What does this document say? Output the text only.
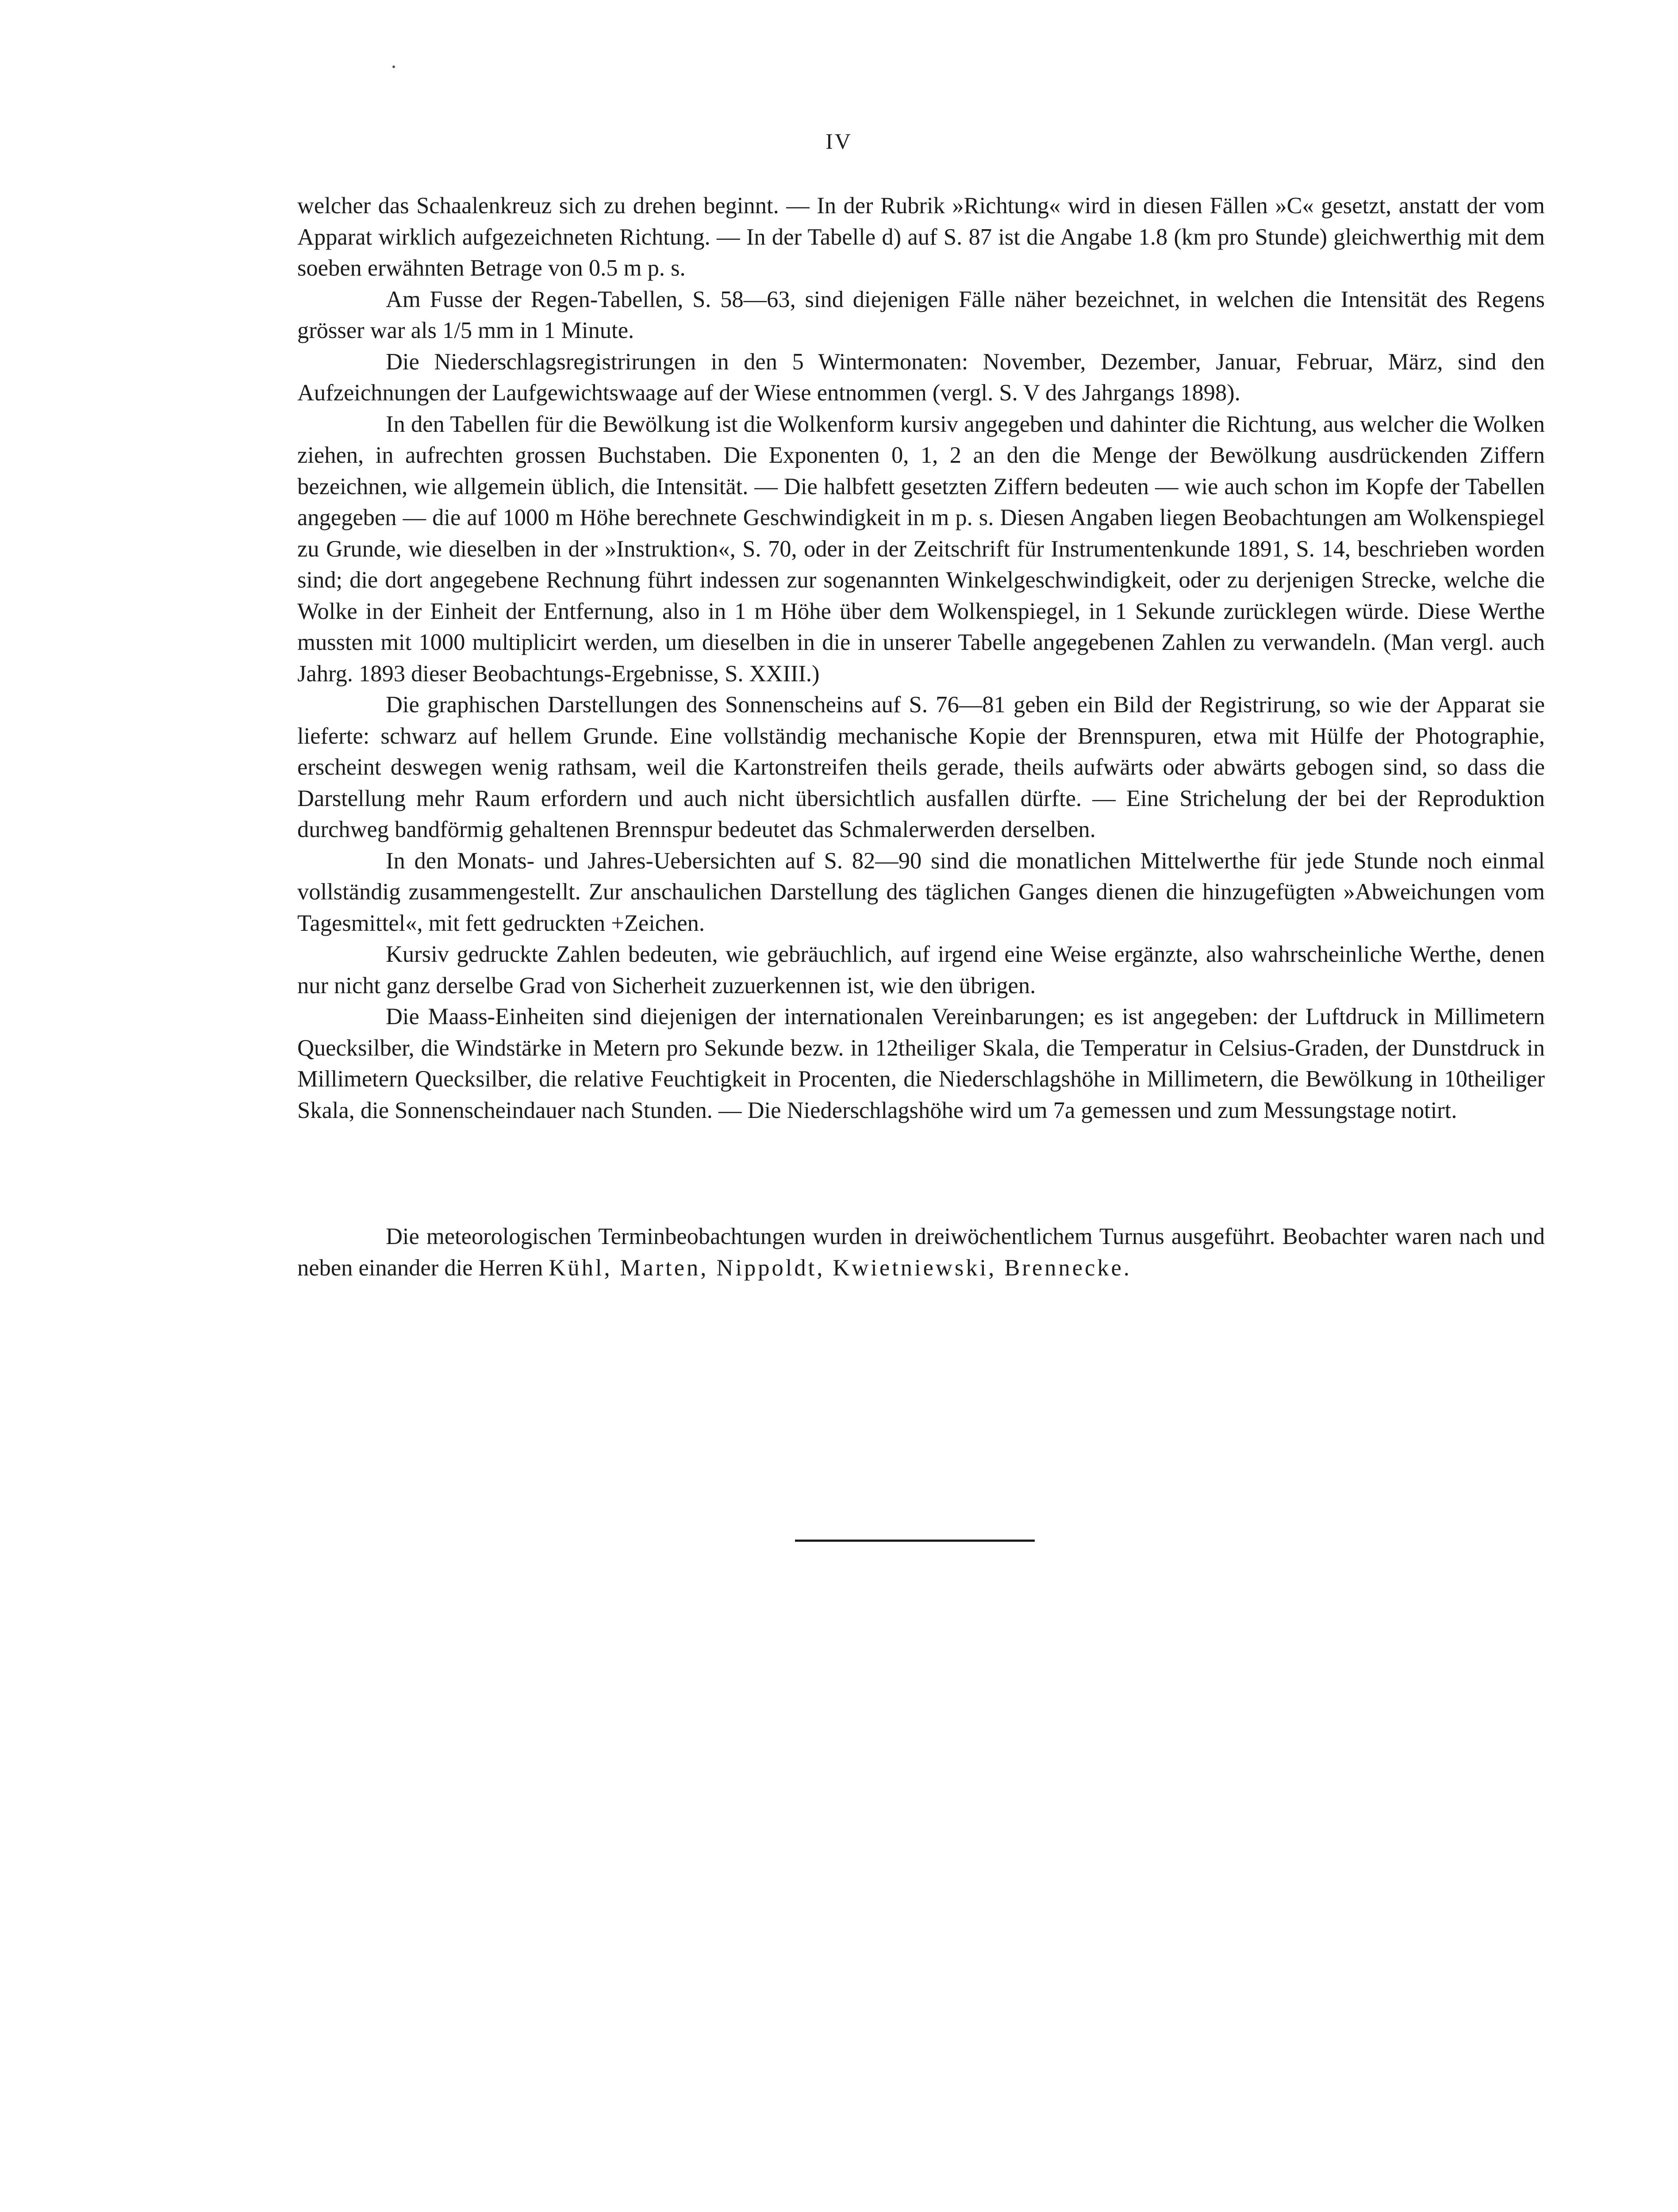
IV

welcher das Schaalenkreuz sich zu drehen beginnt. — In der Rubrik »Richtung« wird in diesen Fällen »C« gesetzt, anstatt der vom Apparat wirklich aufgezeichneten Richtung. — In der Tabelle d) auf S. 87 ist die Angabe 1.8 (km pro Stunde) gleichwerthig mit dem soeben erwähnten Betrage von 0.5 m p. s.

Am Fusse der Regen-Tabellen, S. 58—63, sind diejenigen Fälle näher bezeichnet, in welchen die Intensität des Regens grösser war als 1/5 mm in 1 Minute.

Die Niederschlagsregistrirungen in den 5 Wintermonaten: November, Dezember, Januar, Februar, März, sind den Aufzeichnungen der Laufgewichtswaage auf der Wiese entnommen (vergl. S. V des Jahrgangs 1898).

In den Tabellen für die Bewölkung ist die Wolkenform kursiv angegeben und dahinter die Richtung, aus welcher die Wolken ziehen, in aufrechten grossen Buchstaben. Die Exponenten 0, 1, 2 an den die Menge der Bewölkung ausdrückenden Ziffern bezeichnen, wie allgemein üblich, die Intensität. — Die halbfett gesetzten Ziffern bedeuten — wie auch schon im Kopfe der Tabellen angegeben — die auf 1000 m Höhe berechnete Geschwindigkeit in m p. s. Diesen Angaben liegen Beobachtungen am Wolkenspiegel zu Grunde, wie dieselben in der »Instruktion«, S. 70, oder in der Zeitschrift für Instrumentenkunde 1891, S. 14, beschrieben worden sind; die dort angegebene Rechnung führt indessen zur sogenannten Winkelgeschwindigkeit, oder zu derjenigen Strecke, welche die Wolke in der Einheit der Entfernung, also in 1 m Höhe über dem Wolkenspiegel, in 1 Sekunde zurücklegen würde. Diese Werthe mussten mit 1000 multiplicirt werden, um dieselben in die in unserer Tabelle angegebenen Zahlen zu verwandeln. (Man vergl. auch Jahrg. 1893 dieser Beobachtungs-Ergebnisse, S. XXIII.)

Die graphischen Darstellungen des Sonnenscheins auf S. 76—81 geben ein Bild der Registrirung, so wie der Apparat sie lieferte: schwarz auf hellem Grunde. Eine vollständig mechanische Kopie der Brennspuren, etwa mit Hülfe der Photographie, erscheint deswegen wenig rathsam, weil die Kartonstreifen theils gerade, theils aufwärts oder abwärts gebogen sind, so dass die Darstellung mehr Raum erfordern und auch nicht übersichtlich ausfallen dürfte. — Eine Strichelung der bei der Reproduktion durchweg bandförmig gehaltenen Brennspur bedeutet das Schmalerwerden derselben.

In den Monats- und Jahres-Uebersichten auf S. 82—90 sind die monatlichen Mittelwerthe für jede Stunde noch einmal vollständig zusammengestellt. Zur anschaulichen Darstellung des täglichen Ganges dienen die hinzugefügten »Abweichungen vom Tagesmittel«, mit fett gedruckten +Zeichen.

Kursiv gedruckte Zahlen bedeuten, wie gebräuchlich, auf irgend eine Weise ergänzte, also wahrscheinliche Werthe, denen nur nicht ganz derselbe Grad von Sicherheit zuzuerkennen ist, wie den übrigen.

Die Maass-Einheiten sind diejenigen der internationalen Vereinbarungen; es ist angegeben: der Luftdruck in Millimetern Quecksilber, die Windstärke in Metern pro Sekunde bezw. in 12theiliger Skala, die Temperatur in Celsius-Graden, der Dunstdruck in Millimetern Quecksilber, die relative Feuchtigkeit in Procenten, die Niederschlagshöhe in Millimetern, die Bewölkung in 10theiliger Skala, die Sonnenscheindauer nach Stunden. — Die Niederschlagshöhe wird um 7a gemessen und zum Messungstage notirt.

Die meteorologischen Terminbeobachtungen wurden in dreiwöchentlichem Turnus ausgeführt. Beobachter waren nach und neben einander die Herren Kühl, Marten, Nippoldt, Kwietniewski, Brennecke.
